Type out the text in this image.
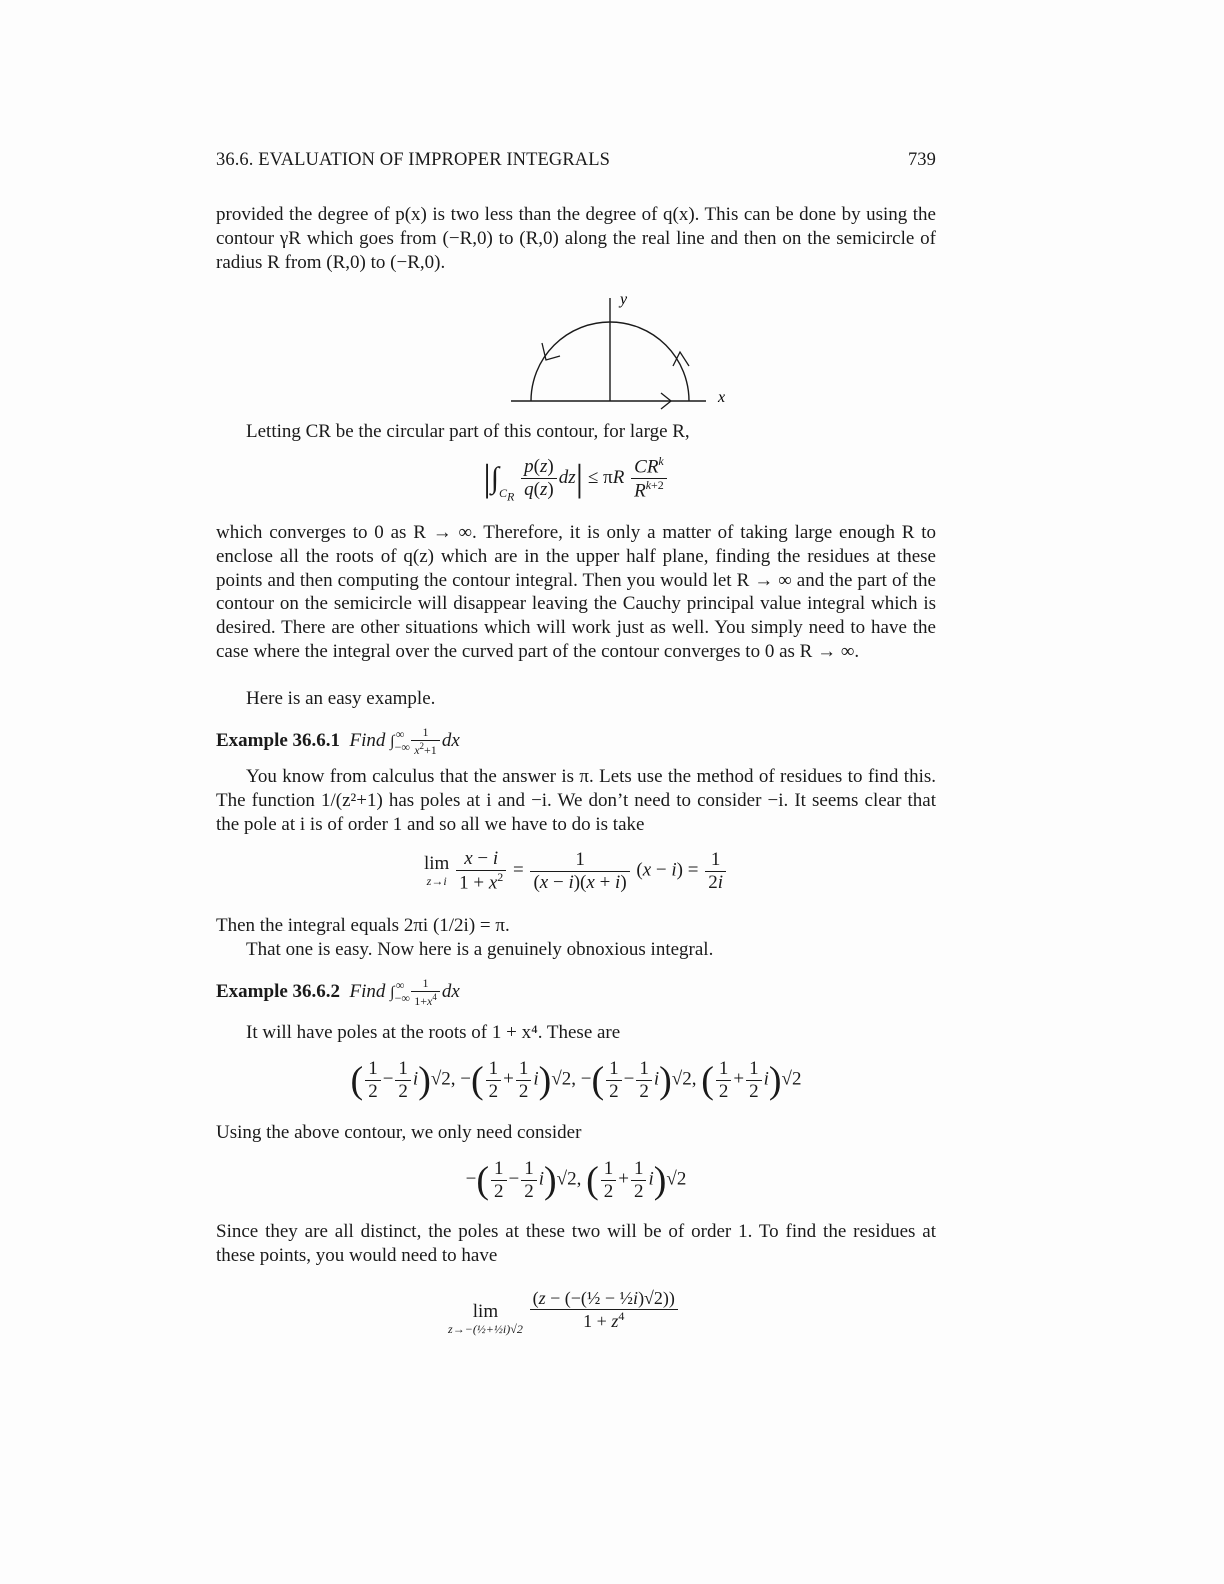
36.6. EVALUATION OF IMPROPER INTEGRALS	739
provided the degree of p(x) is two less than the degree of q(x). This can be done by using the contour γR which goes from (−R,0) to (R,0) along the real line and then on the semicircle of radius R from (R,0) to (−R,0).
y
x
Letting CR be the circular part of this contour, for large R,
$|\int_{C_R} \frac{p(z)}{q(z)} dz| \le \pi R \frac{CR^k}{R^{k+2}}$
which converges to 0 as R → ∞. Therefore, it is only a matter of taking large enough R to enclose all the roots of q(z) which are in the upper half plane, finding the residues at these points and then computing the contour integral. Then you would let R → ∞ and the part of the contour on the semicircle will disappear leaving the Cauchy principal value integral which is desired. There are other situations which will work just as well. You simply need to have the case where the integral over the curved part of the contour converges to 0 as R → ∞.
Here is an easy example.
Example 36.6.1 Find $\int_{-\infty}^\infty \frac{1}{x^2+1}$ dx
You know from calculus that the answer is π. Lets use the method of residues to find this. The function 1/(z²+1) has poles at i and −i. We don’t need to consider −i. It seems clear that the pole at i is of order 1 and so all we have to do is take
lim
z→i
$\frac{x - i}{1 + x^2} = \frac{1}{(x - i)(x + i)} (x - i) = \frac{1}{2i}$
Then the integral equals 2πi (1/2i) = π.
That one is easy. Now here is a genuinely obnoxious integral.
Example 36.6.2 Find $\int_{-\infty}^\infty \frac{1}{1+x^4}$ dx
It will have poles at the roots of 1 + x⁴. These are
( $\frac{1}{2} - \frac{1}{2} i)√2$, −( $\frac{1}{2} + \frac{1}{2} i)√2$, −( $\frac{1}{2} - \frac{1}{2} i)√2$, ( $\frac{1}{2} + \frac{1}{2} i)√2$
Using the above contour, we only need consider
−( $\frac{1}{2} - \frac{1}{2} i)√2$, ( $\frac{1}{2} + \frac{1}{2} i)√2$
Since they are all distinct, the poles at these two will be of order 1. To find the residues at these points, you would need to have
lim
z→−(½+½i)√2
$\frac{\text{(z − (−(½ − ½i)√2))}}{1 + z^4}$
